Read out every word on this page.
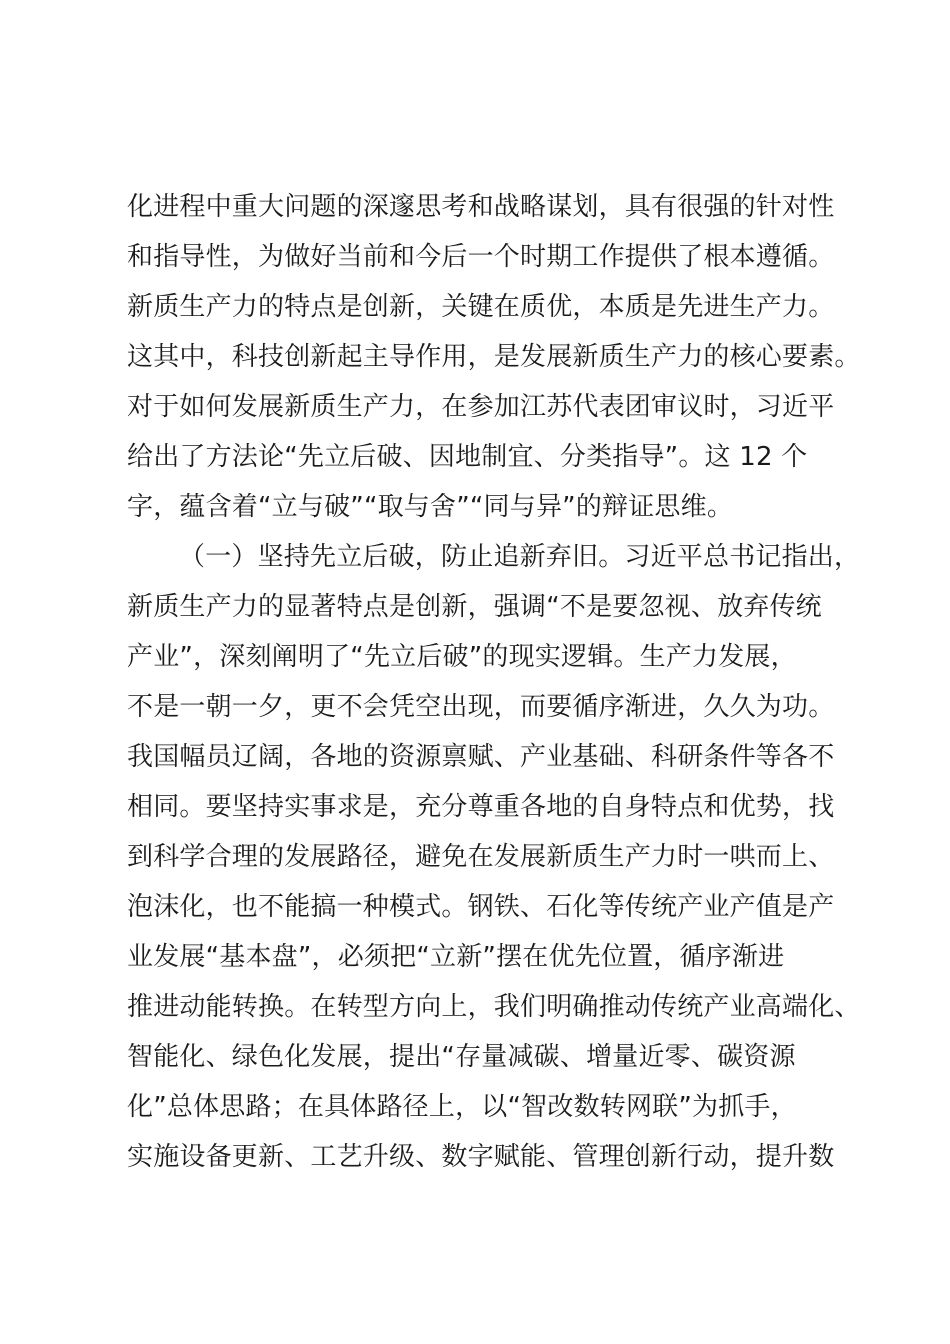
化进程中重大问题的深邃思考和战略谋划，具有很强的针对性
和指导性，为做好当前和今后一个时期工作提供了根本遵循。
新质生产力的特点是创新，关键在质优，本质是先进生产力。
这其中，科技创新起主导作用，是发展新质生产力的核心要素。
对于如何发展新质生产力，在参加江苏代表团审议时，习近平
给出了方法论“先立后破、因地制宜、分类指导”。这 12 个
字，蕴含着“立与破”“取与舍”“同与异”的辩证思维。
（一）坚持先立后破，防止追新弃旧。习近平总书记指出，
新质生产力的显著特点是创新，强调“不是要忽视、放弃传统
产业”，深刻阐明了“先立后破”的现实逻辑。生产力发展，
不是一朝一夕，更不会凭空出现，而要循序渐进，久久为功。
我国幅员辽阔，各地的资源禀赋、产业基础、科研条件等各不
相同。要坚持实事求是，充分尊重各地的自身特点和优势，找
到科学合理的发展路径，避免在发展新质生产力时一哄而上、
泡沫化，也不能搞一种模式。钢铁、石化等传统产业产值是产
业发展“基本盘”，必须把“立新”摆在优先位置，循序渐进
推进动能转换。在转型方向上，我们明确推动传统产业高端化、
智能化、绿色化发展，提出“存量减碳、增量近零、碳资源
化”总体思路；在具体路径上，以“智改数转网联”为抓手，
实施设备更新、工艺升级、数字赋能、管理创新行动，提升数
